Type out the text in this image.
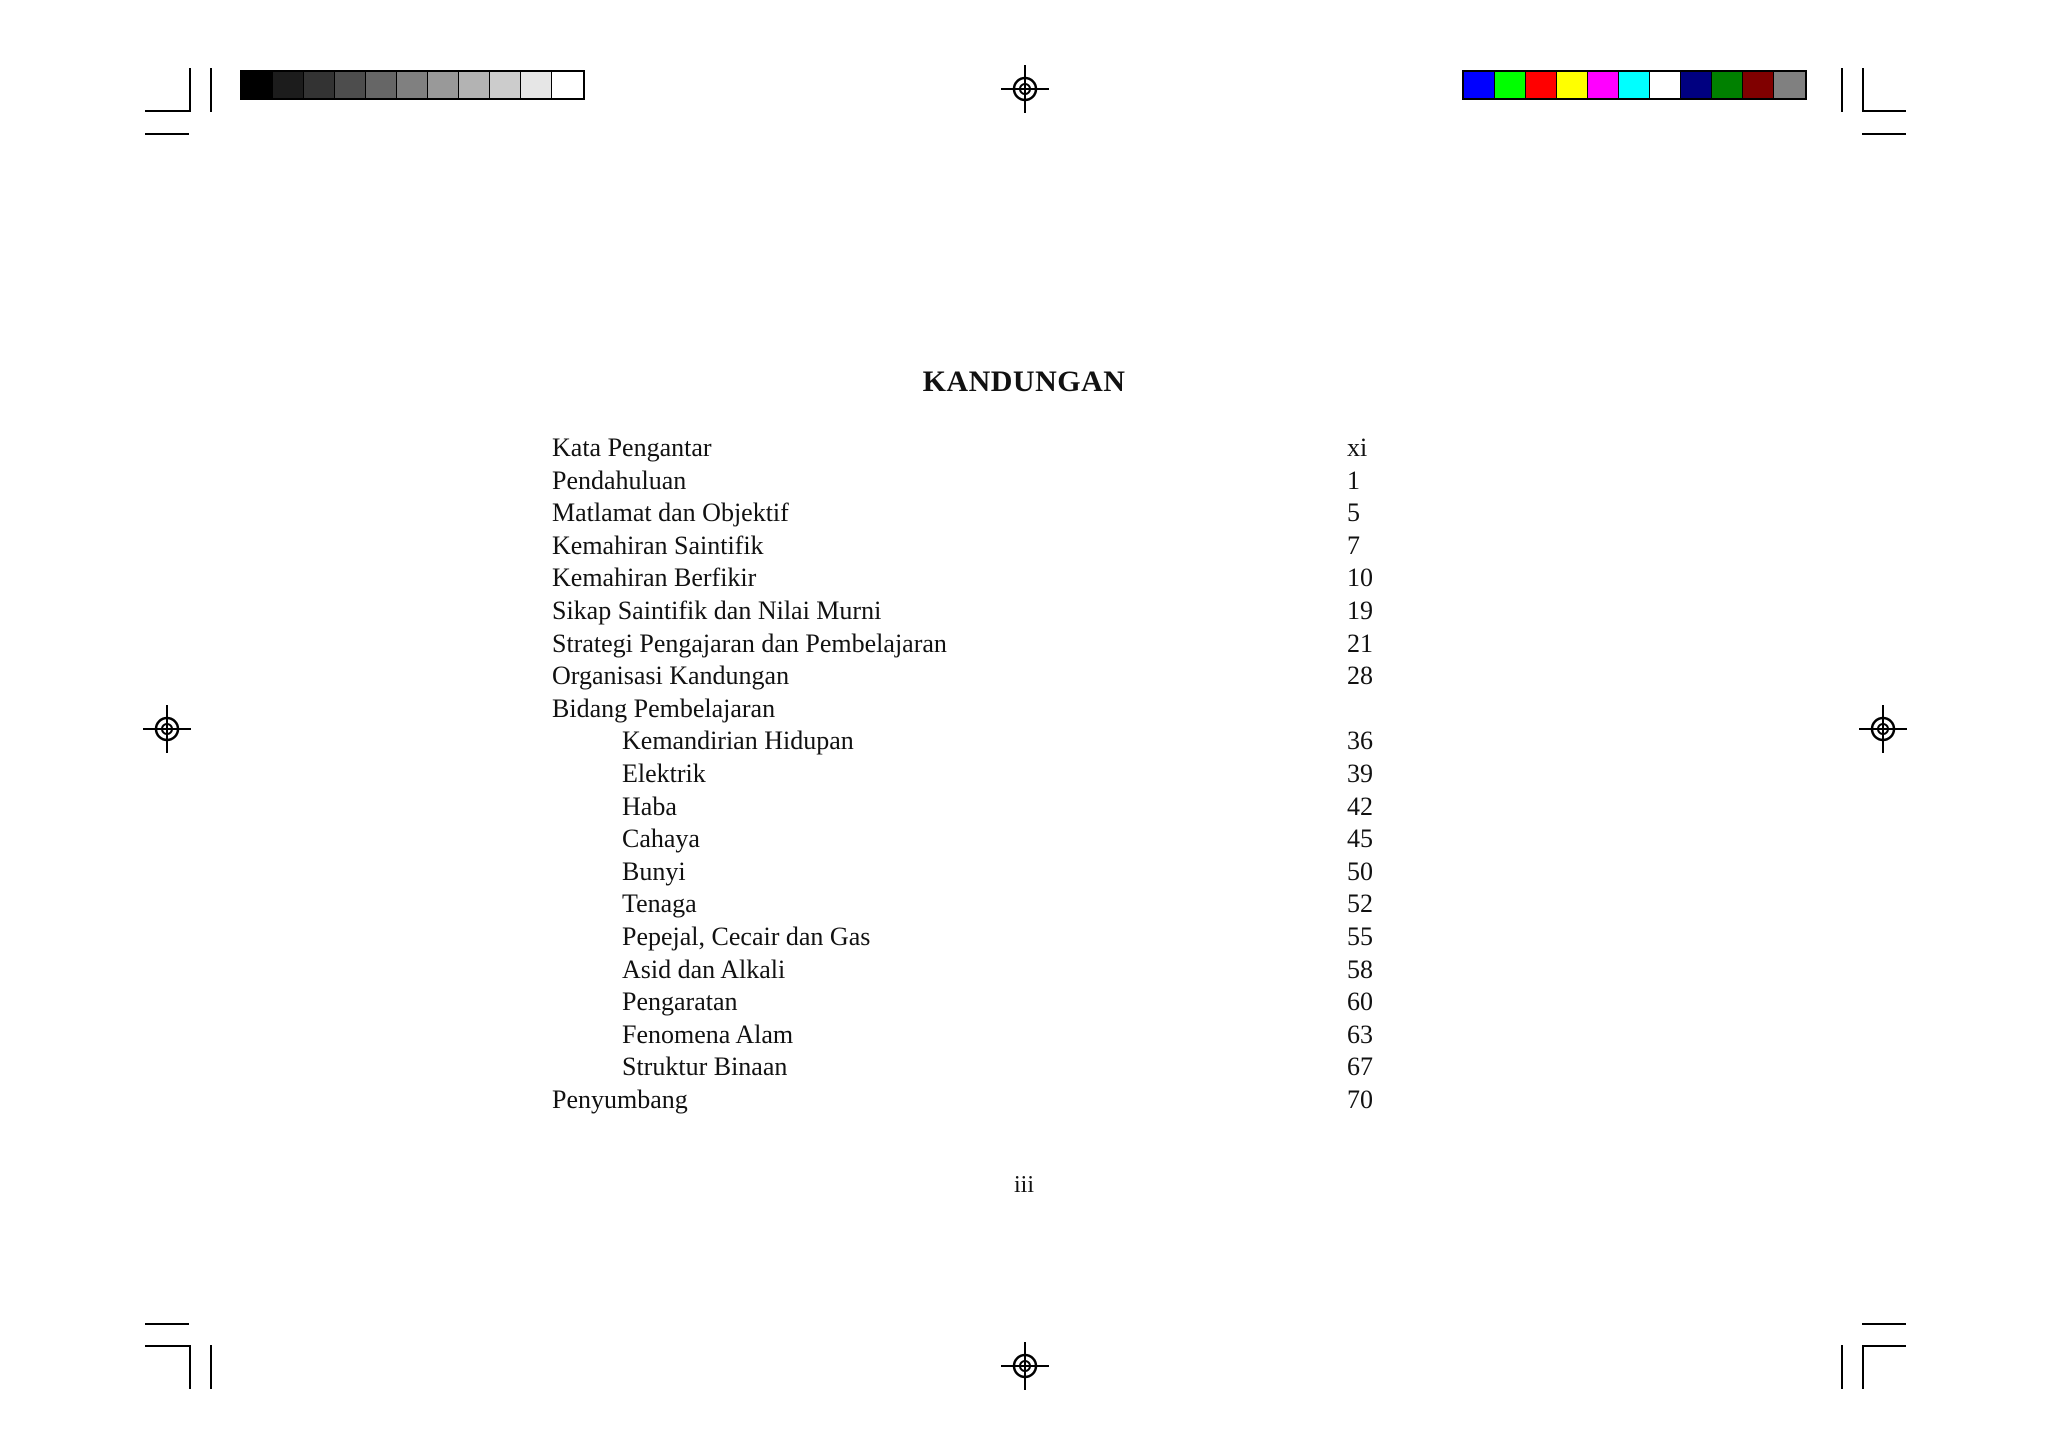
KANDUNGAN
Kata Pengantar	xi
Pendahuluan	1
Matlamat dan Objektif	5
Kemahiran Saintifik	7
Kemahiran Berfikir	10
Sikap Saintifik dan Nilai Murni	19
Strategi Pengajaran dan Pembelajaran	21
Organisasi Kandungan	28
Bidang Pembelajaran
Kemandirian Hidupan	36
Elektrik	39
Haba	42
Cahaya	45
Bunyi	50
Tenaga	52
Pepejal, Cecair dan Gas	55
Asid dan Alkali	58
Pengaratan	60
Fenomena Alam	63
Struktur Binaan	67
Penyumbang	70
iii
